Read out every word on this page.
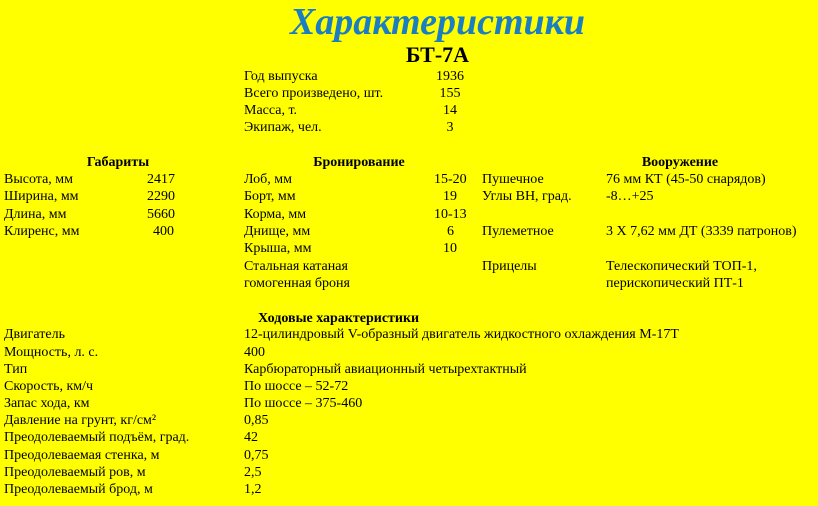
Характеристики
БТ-7А
Год выпуска	1936
Всего произведено, шт.	155
Масса, т.	14
Экипаж, чел.	3
Габариты
Высота, мм	2417
Ширина, мм	2290
Длина, мм	5660
Клиренс, мм	400
Бронирование
Лоб, мм	15-20
Борт, мм	19
Корма, мм	10-13
Днище, мм	6
Крыша, мм	10
Стальная катаная
гомогенная броня
Вооружение
Пушечное	76 мм КТ (45-50 снарядов)
Углы ВН, град. -8…+25
Пулеметное	3 Х 7,62 мм ДТ (3339 патронов)
Прицелы	Телескопический ТОП-1,
перископический ПТ-1
Ходовые характеристики
Двигатель	12-цилиндровый V-образный двигатель жидкостного охлаждения М-17Т
Мощность, л. с.	400
Тип	Карбюраторный авиационный четырехтактный
Скорость, км/ч	По шоссе – 52-72
Запас хода, км	По шоссе – 375-460
Давление на грунт, кг/см²	0,85
Преодолеваемый подъём, град.	42
Преодолеваемая стенка, м	0,75
Преодолеваемый ров, м	2,5
Преодолеваемый брод, м	1,2
